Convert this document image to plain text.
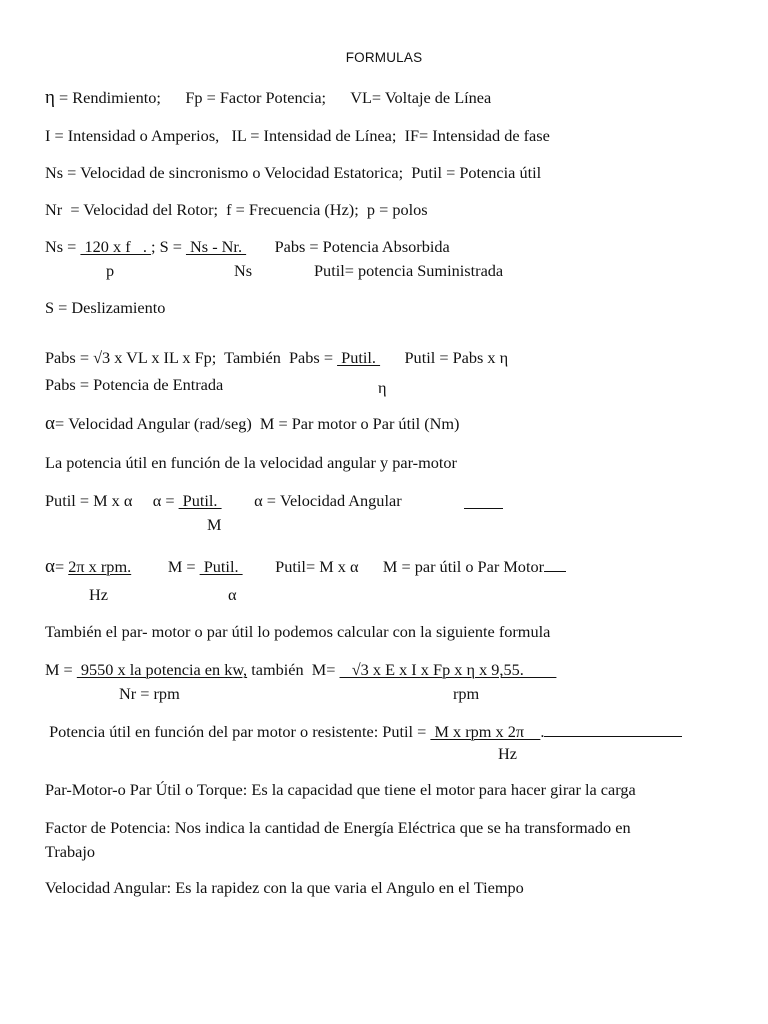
FORMULAS
η = Rendimiento;      Fp = Factor Potencia;      VL= Voltaje de Línea
I = Intensidad o Amperios,   IL = Intensidad de Línea;  IF= Intensidad de fase
Ns = Velocidad de sincronismo o Velocidad Estatorica;  Putil = Potencia útil
Nr  = Velocidad del Rotor;  f = Frecuencia (Hz);  p = polos
Ns =  120 x f   . ; S =  Ns - Nr.        Pabs = Potencia Absorbida
p	Ns	Putil= potencia Suministrada
S = Deslizamiento
Pabs = √3 x VL x IL x Fp;  También  Pabs =  Putil.       Putil = Pabs x η
Pabs = Potencia de Entrada	η
α= Velocidad Angular (rad/seg)  M = Par motor o Par útil (Nm)
La potencia útil en función de la velocidad angular y par-motor
Putil = M x α     α =  Putil.         α = Velocidad Angular
M
α= 2π x rpm.         M =  Putil.         Putil= M x α      M = par útil o Par Motor
Hz	α
También el par- motor o par útil lo podemos calcular con la siguiente formula
M =  9550 x la potencia en kw, también  M=    √3 x E x I x Fp x η x 9,55.
Nr = rpm	rpm
Potencia útil en función del par motor o resistente: Putil =  M x rpm x 2π    .
Hz
Par-Motor-o Par Útil o Torque: Es la capacidad que tiene el motor para hacer girar la carga
Factor de Potencia: Nos indica la cantidad de Energía Eléctrica que se ha transformado en
Trabajo
Velocidad Angular: Es la rapidez con la que varia el Angulo en el Tiempo
